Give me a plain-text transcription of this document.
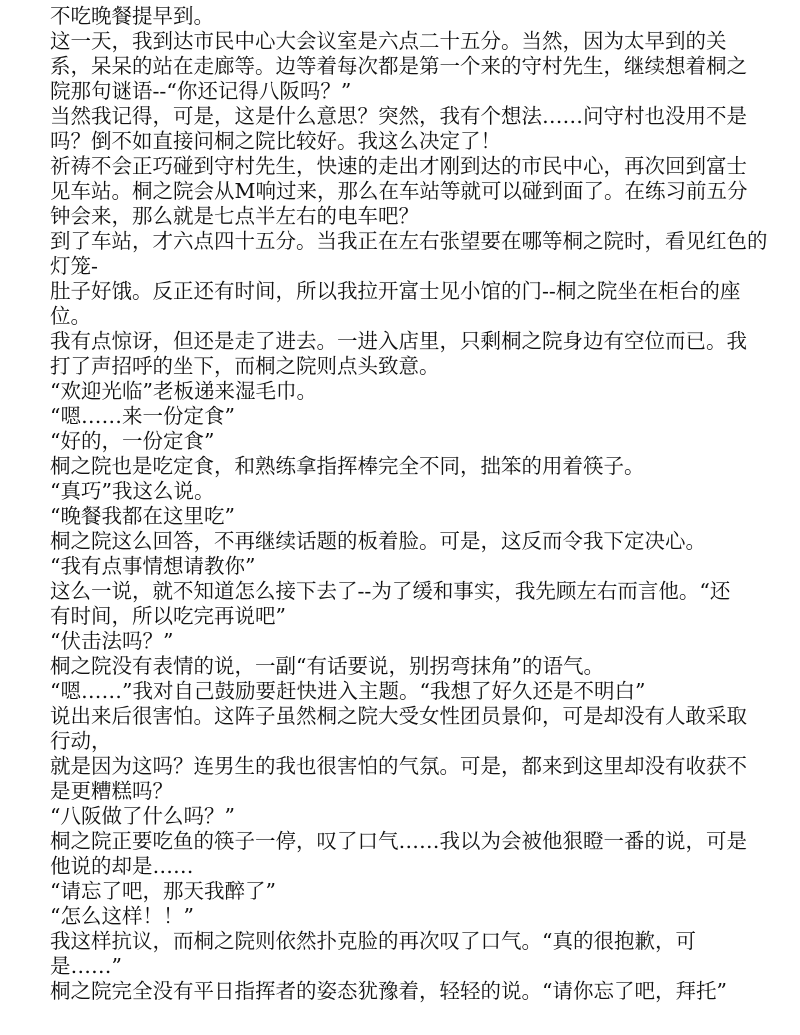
不吃晚餐提早到。
这一天，我到达市民中心大会议室是六点二十五分。当然，因为太早到的关
系，呆呆的站在走廊等。边等着每次都是第一个来的守村先生，继续想着桐之
院那句谜语--“你还记得八阪吗？”
当然我记得，可是，这是什么意思？突然，我有个想法……问守村也没用不是
吗？倒不如直接问桐之院比较好。我这么决定了！
祈祷不会正巧碰到守村先生，快速的走出才刚到达的市民中心，再次回到富士
见车站。桐之院会从M响过来，那么在车站等就可以碰到面了。在练习前五分
钟会来，那么就是七点半左右的电车吧？
到了车站，才六点四十五分。当我正在左右张望要在哪等桐之院时，看见红色的
灯笼-
肚子好饿。反正还有时间，所以我拉开富士见小馆的门--桐之院坐在柜台的座
位。
我有点惊讶，但还是走了进去。一进入店里，只剩桐之院身边有空位而已。我
打了声招呼的坐下，而桐之院则点头致意。
“欢迎光临”老板递来湿毛巾。
“嗯……来一份定食”
“好的，一份定食”
桐之院也是吃定食，和熟练拿指挥棒完全不同，拙笨的用着筷子。
“真巧”我这么说。
“晚餐我都在这里吃”
桐之院这么回答，不再继续话题的板着脸。可是，这反而令我下定决心。
“我有点事情想请教你”
这么一说，就不知道怎么接下去了--为了缓和事实，我先顾左右而言他。“还
有时间，所以吃完再说吧”
“伏击法吗？”
桐之院没有表情的说，一副“有话要说，别拐弯抹角”的语气。
“嗯……”我对自己鼓励要赶快进入主题。“我想了好久还是不明白”
说出来后很害怕。这阵子虽然桐之院大受女性团员景仰，可是却没有人敢采取
行动，
就是因为这吗？连男生的我也很害怕的气氛。可是，都来到这里却没有收获不
是更糟糕吗？
“八阪做了什么吗？”
桐之院正要吃鱼的筷子一停，叹了口气……我以为会被他狠瞪一番的说，可是
他说的却是……
“请忘了吧，那天我醉了”
“怎么这样！！”
我这样抗议，而桐之院则依然扑克脸的再次叹了口气。“真的很抱歉，可
是……”
桐之院完全没有平日指挥者的姿态犹豫着，轻轻的说。“请你忘了吧，拜托”
